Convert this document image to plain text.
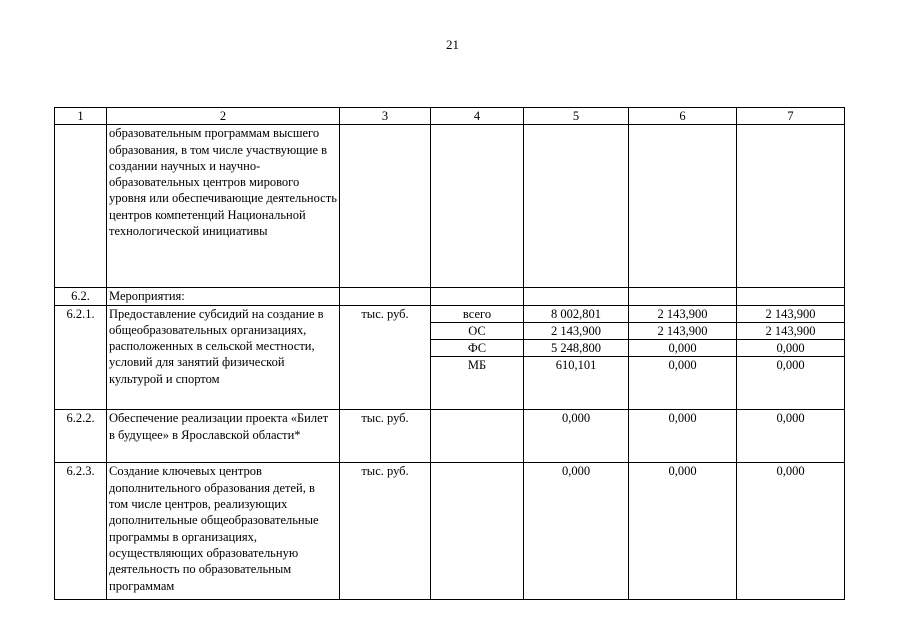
21
1	2	3	4	5	6	7
	образовательным программам высшего образования, в том числе участвующие в создании научных и научно-образовательных центров мирового уровня или обеспечивающие деятельность центров компетенций Национальной технологической инициативы					
6.2.	Мероприятия:					
6.2.1.	Предоставление субсидий на создание в общеобразовательных организациях, расположенных в сельской местности, условий для занятий физической культурой и спортом	тыс. руб.	всего	8 002,801	2 143,900	2 143,900
			ОС	2 143,900	2 143,900	2 143,900
			ФС	5 248,800	0,000	0,000
			МБ	610,101	0,000	0,000
6.2.2.	Обеспечение реализации проекта «Билет в будущее» в Ярославской области*	тыс. руб.		0,000	0,000	0,000
6.2.3.	Создание ключевых центров дополнительного образования детей, в том числе центров, реализующих дополнительные общеобразовательные программы в организациях, осуществляющих образовательную деятельность по образовательным программам	тыс. руб.		0,000	0,000	0,000
